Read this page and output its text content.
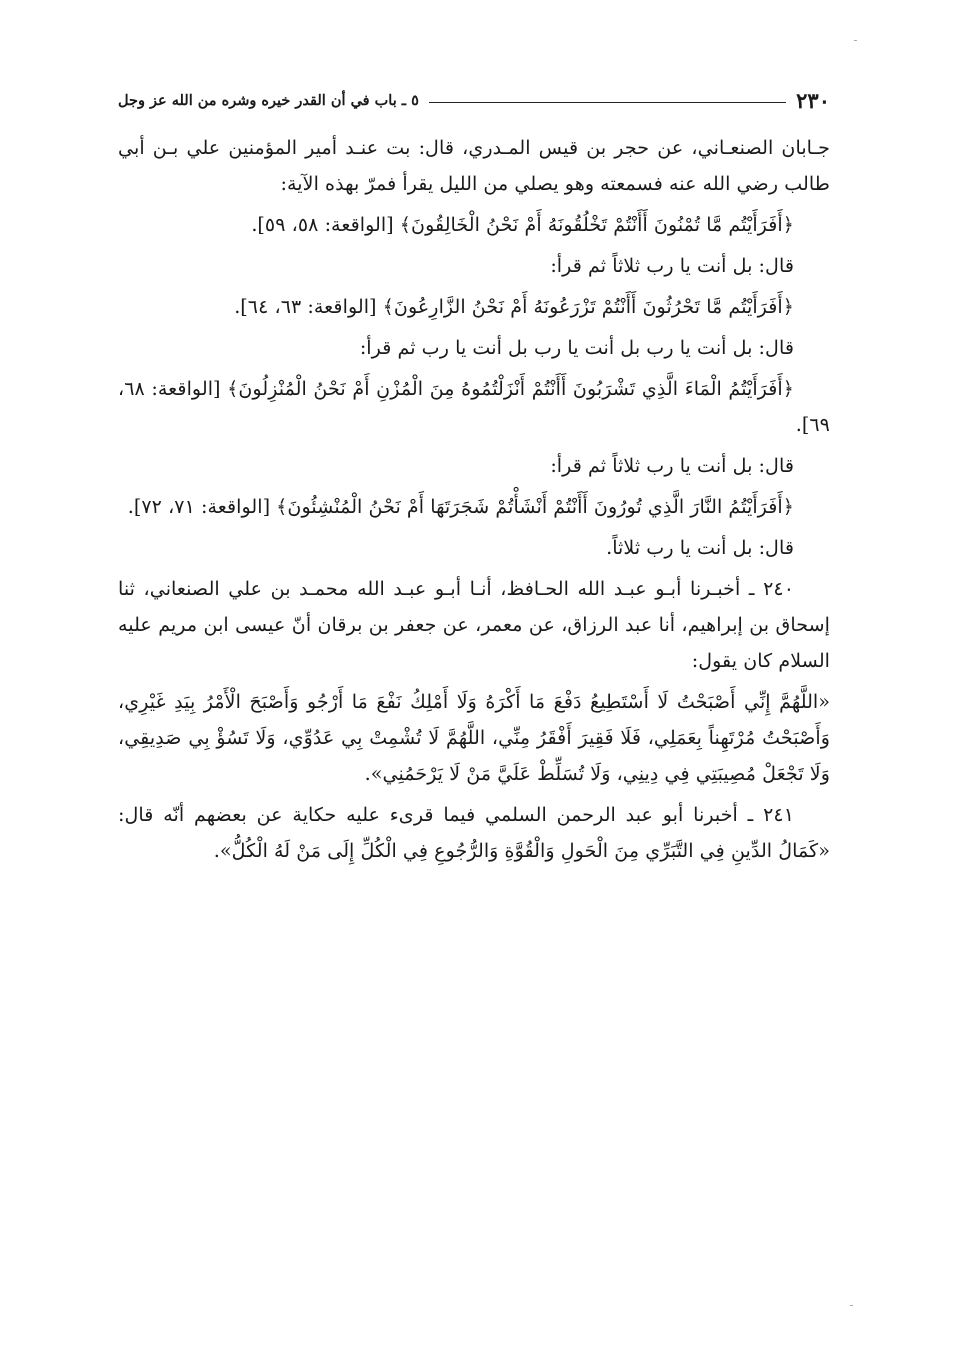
٢٣٠
٥ ـ باب في أن القدر خيره وشره من الله عز وجل

جـابان الصنعـاني، عن حجر بن قيس المـدري، قال: بت عنـد أمير المؤمنين علي بـن أبي طالب رضي الله عنه فسمعته وهو يصلي من الليل يقرأ فمرّ بهذه الآية:

﴿أَفَرَأَيْتُم مَّا تُمْنُونَ أَأَنْتُمْ تَخْلُقُونَهُ أَمْ نَحْنُ الْخَالِقُونَ﴾ [الواقعة: ٥٨، ٥٩].

قال: بل أنت يا رب ثلاثاً ثم قرأ:

﴿أَفَرَأَيْتُم مَّا تَحْرُثُونَ أَأَنْتُمْ تَزْرَعُونَهُ أَمْ نَحْنُ الزَّارِعُونَ﴾ [الواقعة: ٦٣، ٦٤].

قال: بل أنت يا رب بل أنت يا رب بل أنت يا رب ثم قرأ:

﴿أَفَرَأَيْتُمُ الْمَاءَ الَّذِي تَشْرَبُونَ أَأَنْتُمْ أَنْزَلْتُمُوهُ مِنَ الْمُزْنِ أَمْ نَحْنُ الْمُنْزِلُونَ﴾ [الواقعة: ٦٨، ٦٩].

قال: بل أنت يا رب ثلاثاً ثم قرأ:

﴿أَفَرَأَيْتُمُ النَّارَ الَّذِي تُورُونَ أَأَنْتُمْ أَنْشَأْتُمْ شَجَرَتَهَا أَمْ نَحْنُ الْمُنْشِئُونَ﴾ [الواقعة: ٧١، ٧٢].

قال: بل أنت يا رب ثلاثاً.

٢٤٠ ـ أخبـرنا أبـو عبـد الله الحـافظ، أنـا أبـو عبـد الله محمـد بن علي الصنعاني، ثنا إسحاق بن إبراهيم، أنا عبد الرزاق، عن معمر، عن جعفر بن برقان أنّ عيسى ابن مريم عليه السلام كان يقول:

«اللَّهُمَّ إِنِّي أَصْبَحْتُ لَا أَسْتَطِيعُ دَفْعَ مَا أَكْرَهُ وَلَا أَمْلِكُ نَفْعَ مَا أَرْجُو وَأَصْبَحَ الْأَمْرُ بِيَدِ غَيْرِي، وَأَصْبَحْتُ مُرْتَهِناً بِعَمَلِي، فَلَا فَقِيرَ أَفْقَرُ مِنِّي، اللَّهُمَّ لَا تُشْمِتْ بِي عَدُوِّي، وَلَا تَسُؤْ بِي صَدِيقِي، وَلَا تَجْعَلْ مُصِيبَتِي فِي دِينِي، وَلَا تُسَلِّطْ عَلَيَّ مَنْ لَا يَرْحَمُنِي».

٢٤١ ـ أخبرنا أبو عبد الرحمن السلمي فيما قرىء عليه حكاية عن بعضهم أنّه قال: «كَمَالُ الدِّينِ فِي التَّبَرِّي مِنَ الْحَولِ وَالْقُوَّةِ وَالرُّجُوعِ فِي الْكُلِّ إِلَى مَنْ لَهُ الْكُلُّ».
